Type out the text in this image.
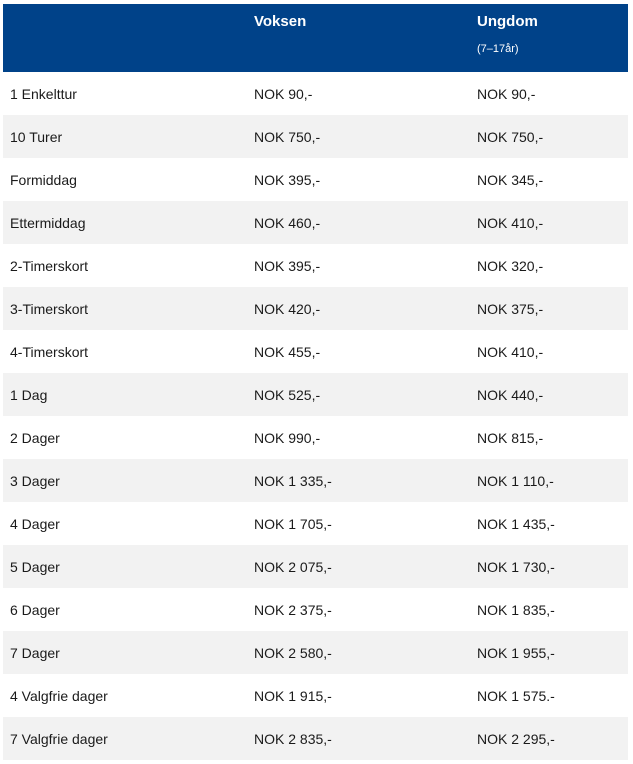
	Voksen	Ungdom
(7–17år)

1 Enkelttur	NOK 90,-	NOK 90,-
10 Turer	NOK 750,-	NOK 750,-
Formiddag	NOK 395,-	NOK 345,-
Ettermiddag	NOK 460,-	NOK 410,-
2-Timerskort	NOK 395,-	NOK 320,-
3-Timerskort	NOK 420,-	NOK 375,-
4-Timerskort	NOK 455,-	NOK 410,-
1 Dag	NOK 525,-	NOK 440,-
2 Dager	NOK 990,-	NOK 815,-
3 Dager	NOK 1 335,-	NOK 1 110,-
4 Dager	NOK 1 705,-	NOK 1 435,-
5 Dager	NOK 2 075,-	NOK 1 730,-
6 Dager	NOK 2 375,-	NOK 1 835,-
7 Dager	NOK 2 580,-	NOK 1 955,-
4 Valgfrie dager	NOK 1 915,-	NOK 1 575.-
7 Valgfrie dager	NOK 2 835,-	NOK 2 295,-
